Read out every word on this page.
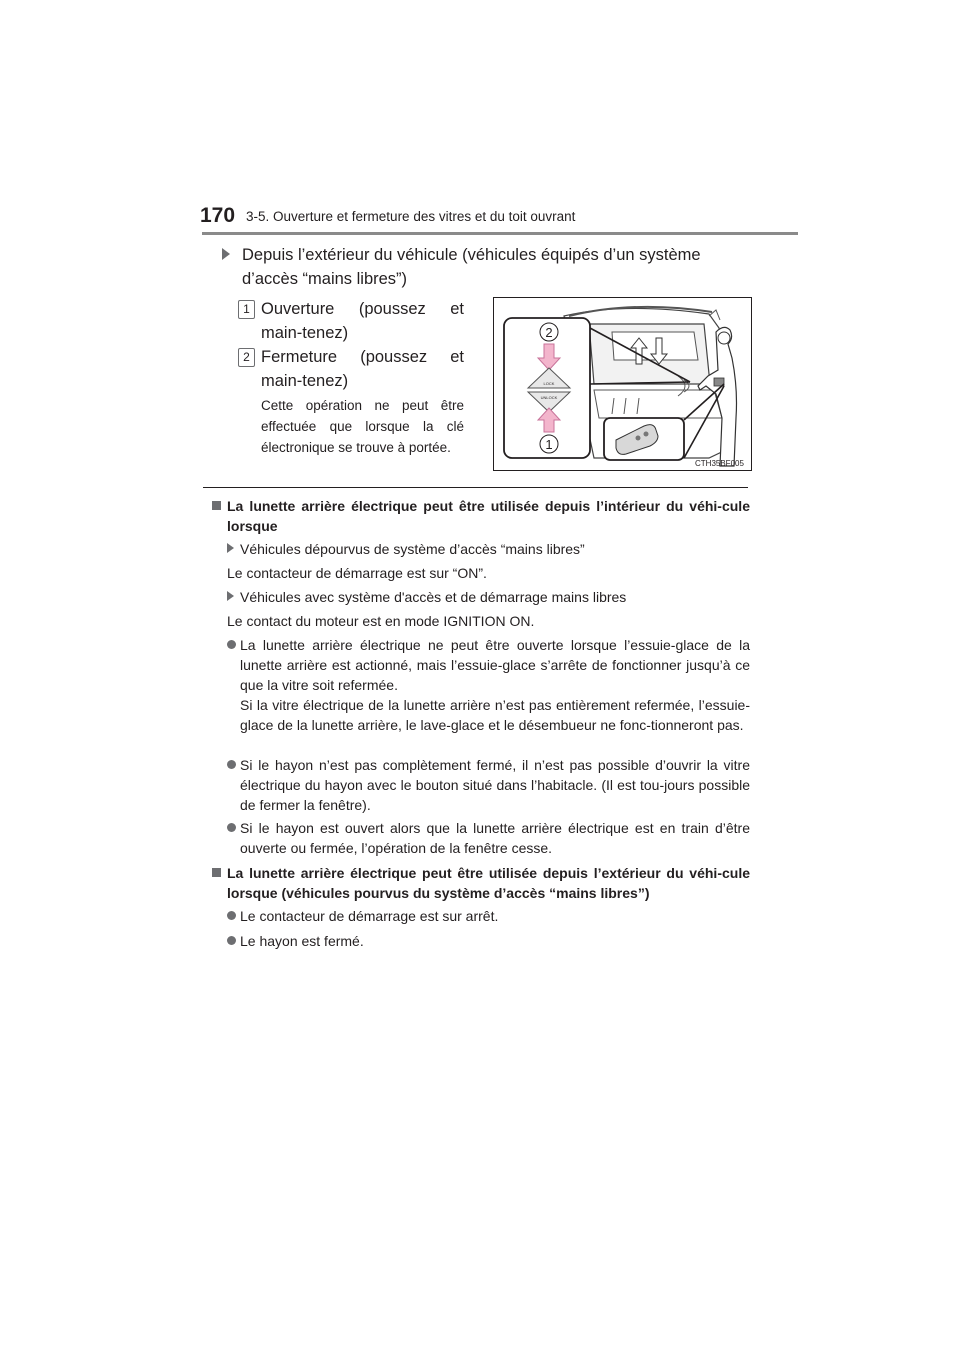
170 3-5. Ouverture et fermeture des vitres et du toit ouvrant
Depuis l’extérieur du véhicule (véhicules équipés d’un système
d’accès “mains libres”)
1 Ouverture (poussez et main-tenez)
2 Fermeture (poussez et main-tenez)
Cette opération ne peut être effectuée que lorsque la clé électronique se trouve à portée.
2
LOCK
UNLOCK
1
CTH35BF005
La lunette arrière électrique peut être utilisée depuis l’intérieur du véhi-cule lorsque
Véhicules dépourvus de système d’accès “mains libres”
Le contacteur de démarrage est sur “ON”.
Véhicules avec système d'accès et de démarrage mains libres
Le contact du moteur est en mode IGNITION ON.
La lunette arrière électrique ne peut être ouverte lorsque l’essuie-glace de la lunette arrière est actionné, mais l’essuie-glace s’arrête de fonctionner jusqu’à ce que la vitre soit refermée.
Si la vitre électrique de la lunette arrière n’est pas entièrement refermée, l’essuie-glace de la lunette arrière, le lave-glace et le désembueur ne fonc-tionneront pas.
Si le hayon n’est pas complètement fermé, il n’est pas possible d’ouvrir la vitre électrique du hayon avec le bouton situé dans l’habitacle. (Il est tou-jours possible de fermer la fenêtre).
Si le hayon est ouvert alors que la lunette arrière électrique est en train d’être ouverte ou fermée, l’opération de la fenêtre cesse.
La lunette arrière électrique peut être utilisée depuis l’extérieur du véhi-cule lorsque (véhicules pourvus du système d’accès “mains libres”)
Le contacteur de démarrage est sur arrêt.
Le hayon est fermé.
